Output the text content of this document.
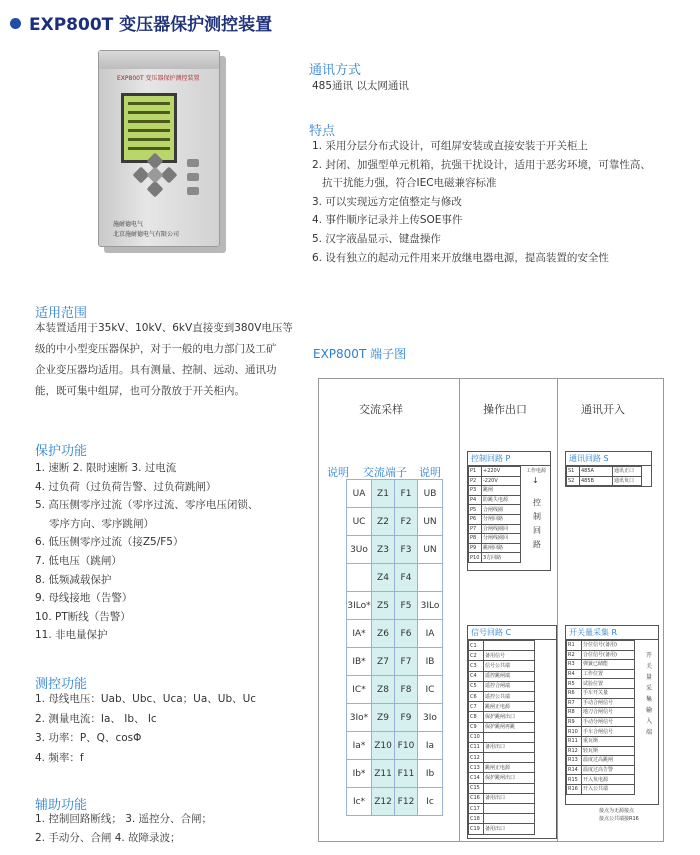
EXP800T 变压器保护测控装置
EXP800T 变压器保护测控装置
施耐德电气
北京施耐德电气有限公司
通讯方式
485通讯 以太网通讯
特点

1. 采用分层分布式设计，可组屏安装或直接安装于开关柜上

2. 封闭、加强型单元机箱，抗强干扰设计，适用于恶劣环境，可靠性高、

抗干扰能力强，符合IEC电磁兼容标准

3. 可以实现远方定值整定与修改

4. 事件顺序记录并上传SOE事件

5. 汉字液晶显示、键盘操作

6. 设有独立的起动元件用来开放继电器电源，提高装置的安全性

适用范围

本装置适用于35kV、10kV、6kV直接变到380V电压等

级的中小型变压器保护，对于一般的电力部门及工矿

企业变压器均适用。具有测量、控制、远动、通讯功

能，既可集中组屏，也可分散放于开关柜内。

保护功能

1. 速断 2. 限时速断 3. 过电流

4. 过负荷（过负荷告警、过负荷跳闸）

5. 高压侧零序过流（零序过流、零序电压闭锁、

零序方向、零序跳闸）

6. 低压侧零序过流（接Z5/F5）

7. 低电压（跳闸）

8. 低频减载保护

9. 母线接地（告警）

10. PT断线（告警）

11. 非电量保护

测控功能

1. 母线电压：Uab、Ubc、Uca；Ua、Ub、Uc

2. 测量电流：Ia、 Ib、 Ic

3. 功率：P、Q、cosΦ

4. 频率：f

辅助功能

1. 控制回路断线； 3. 遥控分、合闸；

2. 手动分、合闸 4. 故障录波；

EXP800T 端子图
交流采样	操作出口	通讯开入
说明 交流端子 说明
UA	Z1	F1	UB
UC	Z2	F2	UN
3Uo	Z3	F3	UN
	Z4	F4	
3ILo*	Z5	F5	3ILo
IA*	Z6	F6	IA
IB*	Z7	F7	IB
IC*	Z8	F8	IC
3Io*	Z9	F9	3Io
Ia*	Z10	F10	Ia
Ib*	Z11	F11	Ib
Ic*	Z12	F12	Ic
控制回路 P
P1	+220V
P2	-220V
P3	跳闸
P4	防跳失电源
P5	合闸线圈
P6	分闸回路
P7	合闸线圈回
P8	分闸线圈回
P9	跳闸回路
P10	3方回路
工作电源
↓
控
制
回
路
通讯回路 S
S1	485A	通讯正口
S2	485B	通讯负口
信号回路 C
C1	
C2	备用信号
C3	信号公共端
C4	遥控跳闸端
C5	遥控合闸端
C6	遥控公共端
C7	跳闸正电源
C8	保护跳闸出口
C9	保护跳闸再跳
C10	
C11	备用出口
C12	
C13	跳闸正电源
C14	保护跳闸出口
C15	
C16	备用出口
C17	
C18	
C19	备用出口
开关量采集 R
R1	分位信号(备用)
R2	合位信号(备用)
R3	弹簧已储能
R4	工作位置
R5	试验位置
R6	手车开关量
R7	手动合闸信号
R8	地刀合闸信号
R9	手动分闸信号
R10	手车合闸信号
R11	重瓦斯
R12	轻瓦斯
R13	温度过高跳闸
R14	温度过高告警
R15	开入负电源
R16	开入公共端
开
关
量
采
集
输
入
端
接点为无源接点
接点公共端接R16
